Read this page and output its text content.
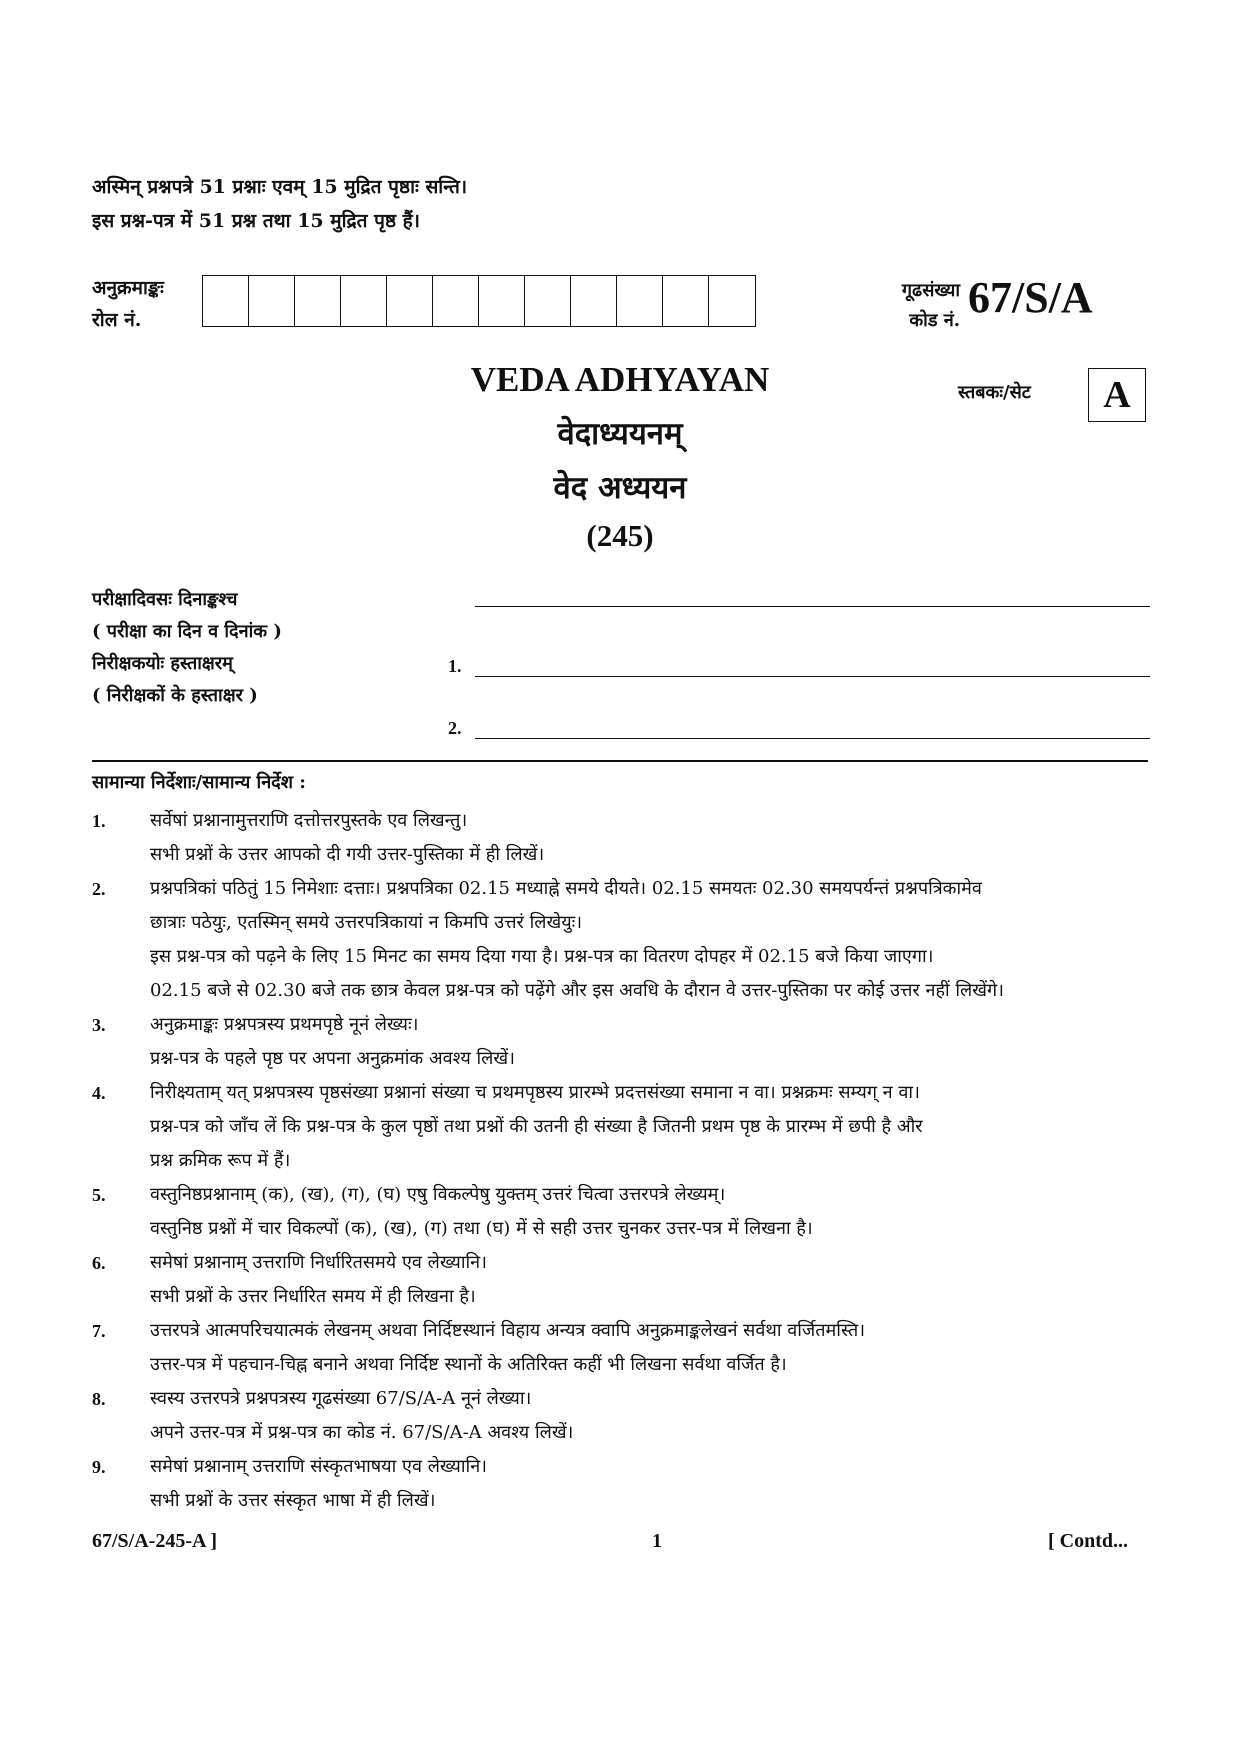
अस्मिन् प्रश्नपत्रे 51 प्रश्नाः एवम् 15 मुद्रित पृष्ठाः सन्ति।
इस प्रश्न-पत्र में 51 प्रश्न तथा 15 मुद्रित पृष्ठ हैं।
अनुक्रमाङ्कः
रोल नं.
गूढसंख्या
कोड नं. 67/S/A
स्तबकः/सेट	A
VEDA ADHYAYAN
वेदाध्ययनम्
वेद अध्ययन
(245)
परीक्षादिवसः दिनाङ्कश्च
( परीक्षा का दिन व दिनांक )
निरीक्षकयोः हस्ताक्षरम्
( निरीक्षकों के हस्ताक्षर )
1.
2.
सामान्या निर्देशाः/सामान्य निर्देश :
1.	सर्वेषां प्रश्नानामुत्तराणि दत्तोत्तरपुस्तके एव लिखन्तु।
सभी प्रश्नों के उत्तर आपको दी गयी उत्तर-पुस्तिका में ही लिखें।
2.	प्रश्नपत्रिकां पठितुं 15 निमेशाः दत्ताः। प्रश्नपत्रिका 02.15 मध्याह्ने समये दीयते। 02.15 समयतः 02.30 समयपर्यन्तं प्रश्नपत्रिकामेव
छात्राः पठेयुः, एतस्मिन् समये उत्तरपत्रिकायां न किमपि उत्तरं लिखेयुः।
इस प्रश्न-पत्र को पढ़ने के लिए 15 मिनट का समय दिया गया है। प्रश्न-पत्र का वितरण दोपहर में 02.15 बजे किया जाएगा।
02.15 बजे से 02.30 बजे तक छात्र केवल प्रश्न-पत्र को पढ़ेंगे और इस अवधि के दौरान वे उत्तर-पुस्तिका पर कोई उत्तर नहीं लिखेंगे।
3.	अनुक्रमाङ्कः प्रश्नपत्रस्य प्रथमपृष्ठे नूनं लेख्यः।
प्रश्न-पत्र के पहले पृष्ठ पर अपना अनुक्रमांक अवश्य लिखें।
4.	निरीक्ष्यताम् यत् प्रश्नपत्रस्य पृष्ठसंख्या प्रश्नानां संख्या च प्रथमपृष्ठस्य प्रारम्भे प्रदत्तसंख्या समाना न वा। प्रश्नक्रमः सम्यग् न वा।
प्रश्न-पत्र को जाँच लें कि प्रश्न-पत्र के कुल पृष्ठों तथा प्रश्नों की उतनी ही संख्या है जितनी प्रथम पृष्ठ के प्रारम्भ में छपी है और
प्रश्न क्रमिक रूप में हैं।
5.	वस्तुनिष्ठप्रश्नानाम् (क), (ख), (ग), (घ) एषु विकल्पेषु युक्तम् उत्तरं चित्वा उत्तरपत्रे लेख्यम्।
वस्तुनिष्ठ प्रश्नों में चार विकल्पों (क), (ख), (ग) तथा (घ) में से सही उत्तर चुनकर उत्तर-पत्र में लिखना है।
6.	समेषां प्रश्नानाम् उत्तराणि निर्धारितसमये एव लेख्यानि।
सभी प्रश्नों के उत्तर निर्धारित समय में ही लिखना है।
7.	उत्तरपत्रे आत्मपरिचयात्मकं लेखनम् अथवा निर्दिष्टस्थानं विहाय अन्यत्र क्वापि अनुक्रमाङ्कलेखनं सर्वथा वर्जितमस्ति।
उत्तर-पत्र में पहचान-चिह्न बनाने अथवा निर्दिष्ट स्थानों के अतिरिक्त कहीं भी लिखना सर्वथा वर्जित है।
8.	स्वस्य उत्तरपत्रे प्रश्नपत्रस्य गूढसंख्या 67/S/A-A नूनं लेख्या।
अपने उत्तर-पत्र में प्रश्न-पत्र का कोड नं. 67/S/A-A अवश्य लिखें।
9.	समेषां प्रश्नानाम् उत्तराणि संस्कृतभाषया एव लेख्यानि।
सभी प्रश्नों के उत्तर संस्कृत भाषा में ही लिखें।
67/S/A-245-A ]	1	[ Contd...
